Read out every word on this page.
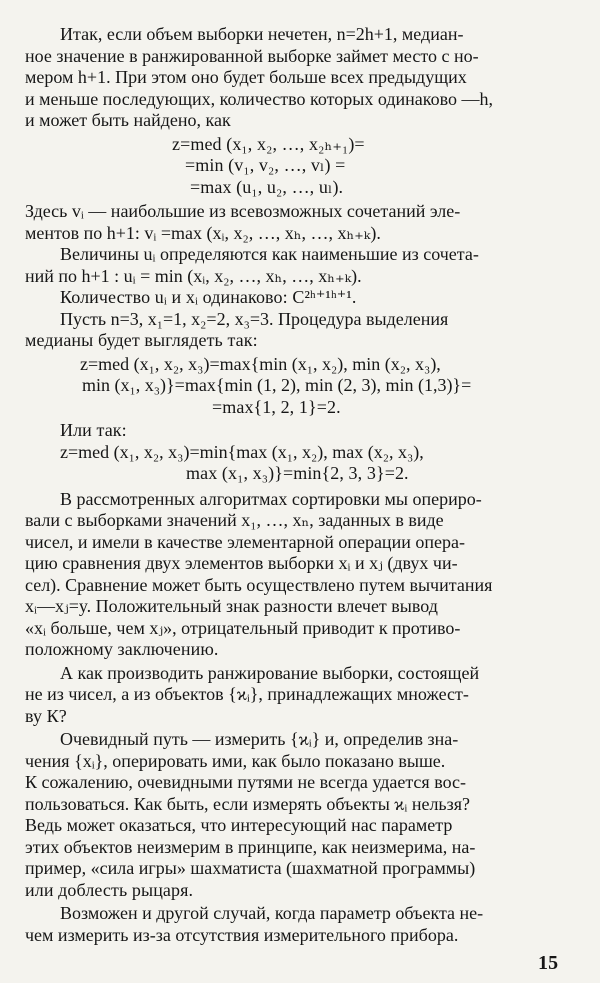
Итак, если объем выборки нечетен, n=2h+1, медиан-
ное значение в ранжированной выборке займет место с но-
мером h+1. При этом оно будет больше всех предыдущих
и меньше последующих, количество которых одинаково —h,
и может быть найдено, как
z=med (x₁, x₂, …, x₂ₕ₊₁)=
=min (v₁, v₂, …, vₗ) =
=max (u₁, u₂, …, uₗ).
Здесь vᵢ — наибольшие из всевозможных сочетаний эле-
ментов по h+1: vᵢ =max (xᵢ, x₂, …, xₕ, …, xₕ₊ₖ).
Величины uᵢ определяются как наименьшие из сочета-
ний по h+1 : uᵢ = min (xᵢ, x₂, …, xₕ, …, xₕ₊ₖ).
Количество uᵢ и xᵢ одинаково: C²ʰ⁺¹ʰ⁺¹.
Пусть n=3, x₁=1, x₂=2, x₃=3. Процедура выделения
медианы будет выглядеть так:
z=med (x₁, x₂, x₃)=max{min (x₁, x₂), min (x₂, x₃),
min (x₁, x₃)}=max{min (1, 2), min (2, 3), min (1,3)}=
=max{1, 2, 1}=2.
Или так:
z=med (x₁, x₂, x₃)=min{max (x₁, x₂), max (x₂, x₃),
max (x₁, x₃)}=min{2, 3, 3}=2.
В рассмотренных алгоритмах сортировки мы опериро-
вали с выборками значений x₁, …, xₙ, заданных в виде
чисел, и имели в качестве элементарной операции опера-
цию сравнения двух элементов выборки xᵢ и xⱼ (двух чи-
сел). Сравнение может быть осуществлено путем вычитания
xᵢ—xⱼ=y. Положительный знак разности влечет вывод
«xᵢ больше, чем xⱼ», отрицательный приводит к противо-
положному заключению.
А как производить ранжирование выборки, состоящей
не из чисел, а из объектов {ϰᵢ}, принадлежащих множест-
ву К?
Очевидный путь — измерить {ϰᵢ} и, определив зна-
чения {xᵢ}, оперировать ими, как было показано выше.
К сожалению, очевидными путями не всегда удается вос-
пользоваться. Как быть, если измерять объекты ϰᵢ нельзя?
Ведь может оказаться, что интересующий нас параметр
этих объектов неизмерим в принципе, как неизмерима, на-
пример, «сила игры» шахматиста (шахматной программы)
или доблесть рыцаря.
Возможен и другой случай, когда параметр объекта не-
чем измерить из-за отсутствия измерительного прибора.
15
